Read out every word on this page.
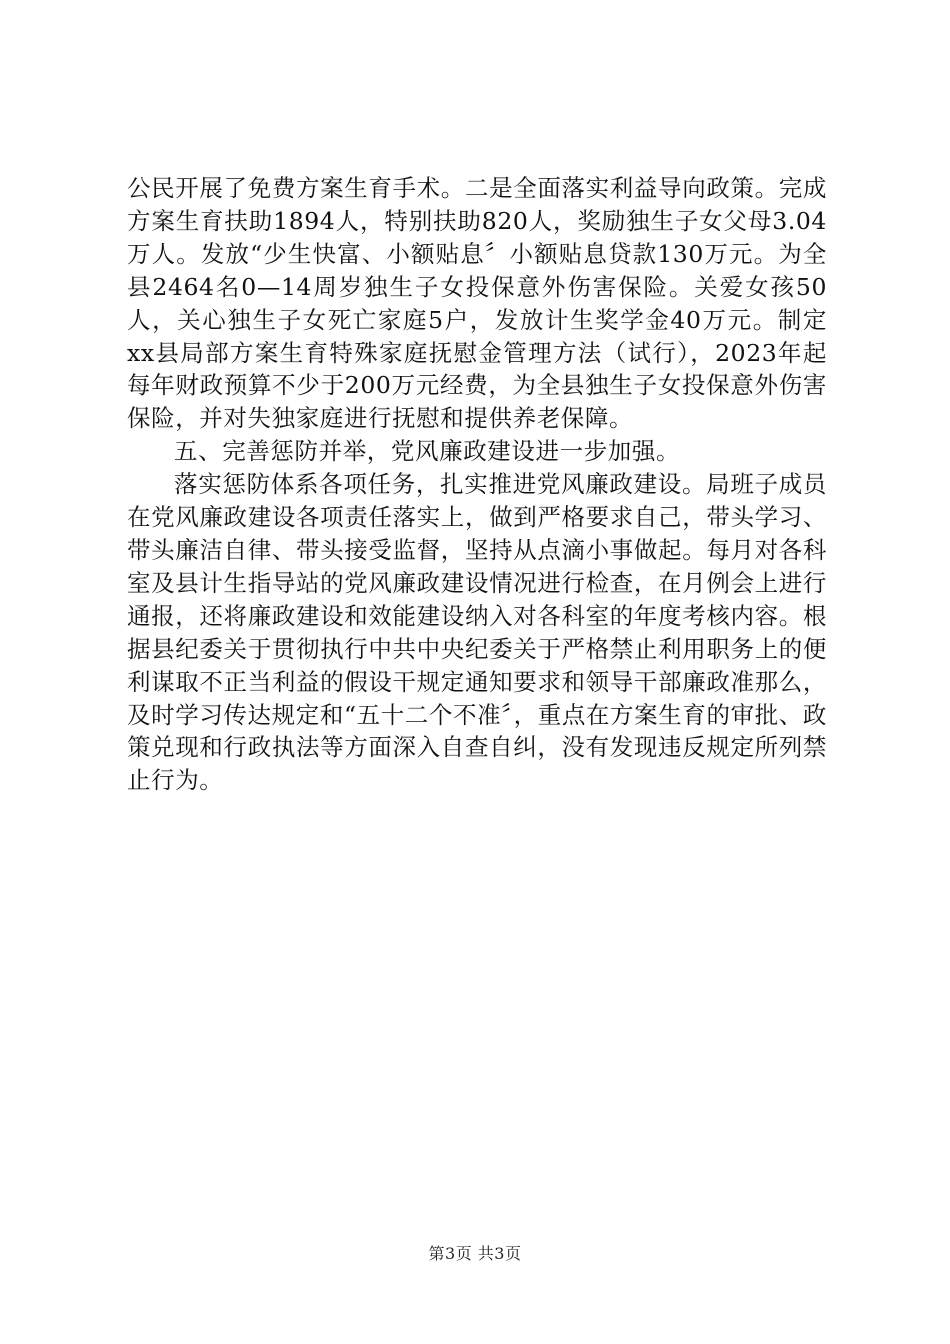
公民开展了免费方案生育手术。二是全面落实利益导向政策。完成方案生育扶助1894人，特别扶助820人，奖励独生子女父母3.04万人。发放“少生快富、小额贴息〞小额贴息贷款130万元。为全县2464名0—14周岁独生子女投保意外伤害保险。关爱女孩50人，关心独生子女死亡家庭5户，发放计生奖学金40万元。制定xx县局部方案生育特殊家庭抚慰金管理方法（试行），2023年起每年财政预算不少于200万元经费，为全县独生子女投保意外伤害保险，并对失独家庭进行抚慰和提供养老保障。

五、完善惩防并举，党风廉政建设进一步加强。

落实惩防体系各项任务，扎实推进党风廉政建设。局班子成员在党风廉政建设各项责任落实上，做到严格要求自己，带头学习、带头廉洁自律、带头接受监督，坚持从点滴小事做起。每月对各科室及县计生指导站的党风廉政建设情况进行检查，在月例会上进行通报，还将廉政建设和效能建设纳入对各科室的年度考核内容。根据县纪委关于贯彻执行中共中央纪委关于严格禁止利用职务上的便利谋取不正当利益的假设干规定通知要求和领导干部廉政准那么，及时学习传达规定和“五十二个不准〞，重点在方案生育的审批、政策兑现和行政执法等方面深入自查自纠，没有发现违反规定所列禁止行为。

第3页 共3页
